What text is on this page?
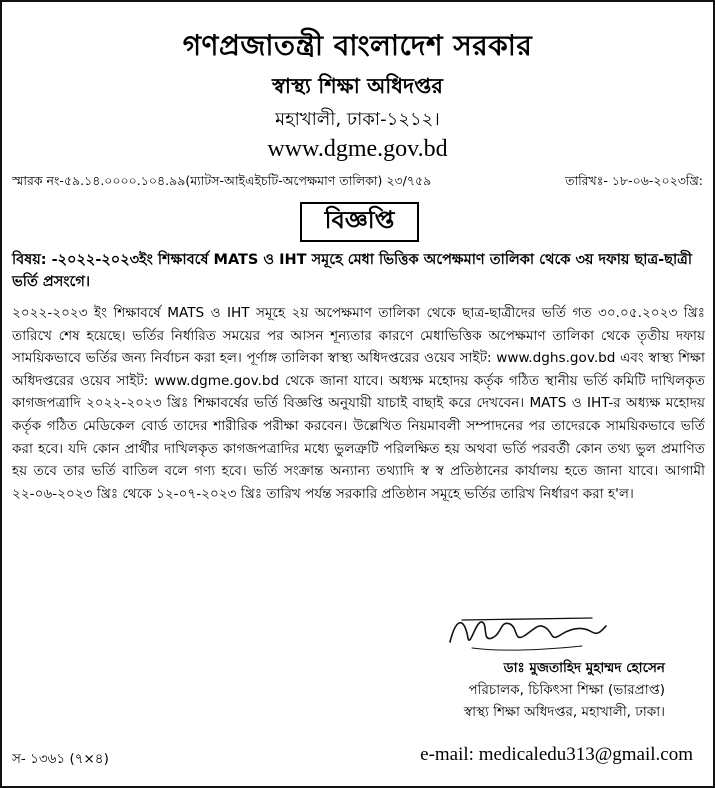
গণপ্রজাতন্ত্রী বাংলাদেশ সরকার
স্বাস্থ্য শিক্ষা অধিদপ্তর
মহাখালী, ঢাকা-১২১২।
www.dgme.gov.bd
স্মারক নং-৫৯.১৪.০০০০.১০৪.৯৯(ম্যাটস-আইএইচটি-অপেক্ষমাণ তালিকা) ২৩/৭৫৯	তারিখঃ- ১৮-০৬-২০২৩খ্রি:
বিজ্ঞপ্তি
বিষয়: -২০২২-২০২৩ইং শিক্ষাবর্ষে MATS ও IHT সমূহে মেধা ভিত্তিক অপেক্ষমাণ তালিকা থেকে ৩য় দফায় ছাত্র-ছাত্রী ভর্তি প্রসংগে।
২০২২-২০২৩ ইং শিক্ষাবর্ষে MATS ও IHT সমূহে ২য় অপেক্ষমাণ তালিকা থেকে ছাত্র-ছাত্রীদের ভর্তি গত ৩০.০৫.২০২৩ খ্রিঃ তারিখে শেষ হয়েছে। ভর্তির নির্ধারিত সময়ের পর আসন শূন্যতার কারণে মেধাভিত্তিক অপেক্ষমাণ তালিকা থেকে তৃতীয় দফায় সাময়িকভাবে ভর্তির জন্য নির্বাচন করা হল। পূর্ণাঙ্গ তালিকা স্বাস্থ্য অধিদপ্তরের ওয়েব সাইট: www.dghs.gov.bd এবং স্বাস্থ্য শিক্ষা অধিদপ্তরের ওয়েব সাইট: www.dgme.gov.bd থেকে জানা যাবে। অধ্যক্ষ মহোদয় কর্তৃক গঠিত স্থানীয় ভর্তি কমিটি দাখিলকৃত কাগজপত্রাদি ২০২২-২০২৩ খ্রিঃ শিক্ষাবর্ষের ভর্তি বিজ্ঞপ্তি অনুযায়ী যাচাই বাছাই করে দেখবেন। MATS ও IHT-র অধ্যক্ষ মহোদয় কর্তৃক গঠিত মেডিকেল বোর্ড তাদের শারীরিক পরীক্ষা করবেন। উল্লেখিত নিয়মাবলী সম্পাদনের পর তাদেরকে সাময়িকভাবে ভর্তি করা হবে। যদি কোন প্রার্থীর দাখিলকৃত কাগজপত্রাদির মধ্যে ভুলত্রুটি পরিলক্ষিত হয় অথবা ভর্তি পরবর্তী কোন তথ্য ভুল প্রমাণিত হয় তবে তার ভর্তি বাতিল বলে গণ্য হবে। ভর্তি সংক্রান্ত অন্যান্য তথ্যাদি স্ব স্ব প্রতিষ্ঠানের কার্যালয় হতে জানা যাবে। আগামী ২২-০৬-২০২৩ খ্রিঃ থেকে ১২-০৭-২০২৩ খ্রিঃ তারিখ পর্যন্ত সরকারি প্রতিষ্ঠান সমূহে ভর্তির তারিখ নির্ধারণ করা হ'ল।
ডাঃ মুজতাহিদ মুহাম্মদ হোসেন
পরিচালক, চিকিৎসা শিক্ষা (ভারপ্রাপ্ত)
স্বাস্থ্য শিক্ষা অধিদপ্তর, মহাখালী, ঢাকা।
স- ১৩৬১ (৭×৪)	e-mail: medicaledu313@gmail.com
